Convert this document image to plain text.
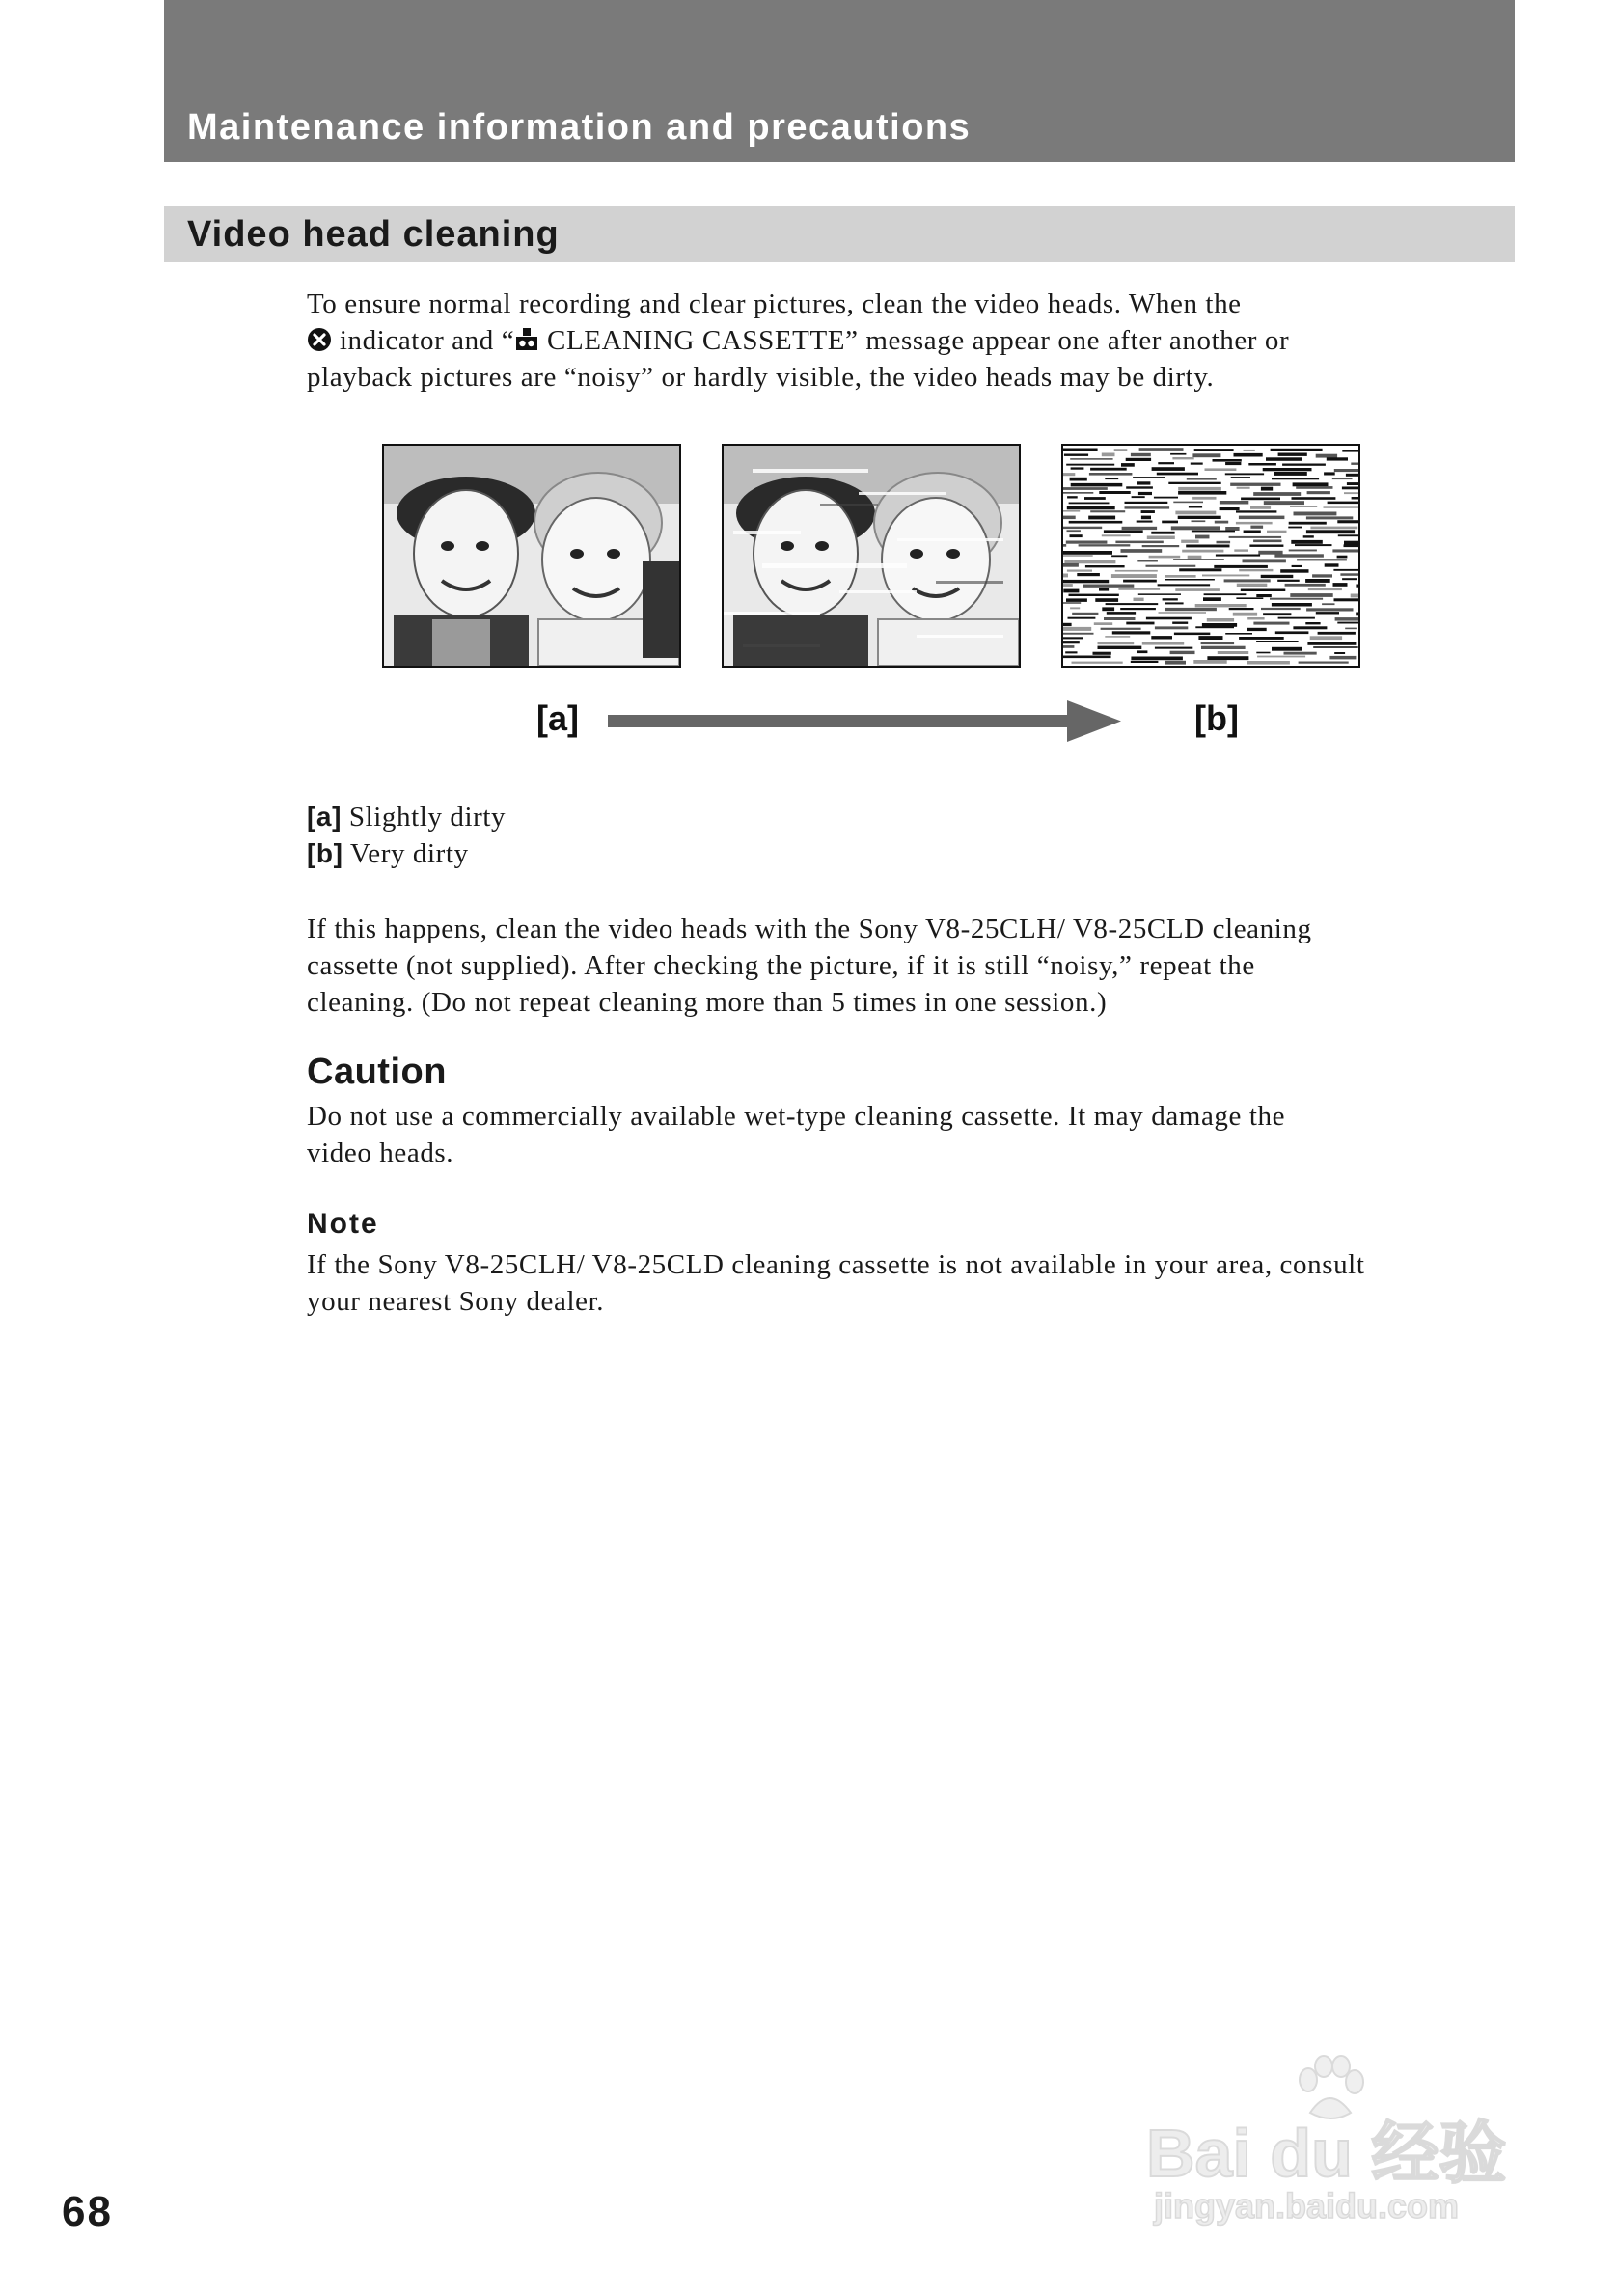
Maintenance information and precautions
Video head cleaning

To ensure normal recording and clear pictures, clean the video heads. When the

indicator and “ CLEANING CASSETTE” message appear one after another or

playback pictures are “noisy” or hardly visible, the video heads may be dirty.

[a]	[b]

[a] Slightly dirty

[b] Very dirty

If this happens, clean the video heads with the Sony V8-25CLH/ V8-25CLD cleaning

cassette (not supplied). After checking the picture, if it is still “noisy,” repeat the

cleaning. (Do not repeat cleaning more than 5 times in one session.)

Caution

Do not use a commercially available wet-type cleaning cassette. It may damage the

video heads.

Note

If the Sony V8-25CLH/ V8-25CLD cleaning cassette is not available in your area, consult

your nearest Sony dealer.

68
Bai du 经验
jingyan.baidu.com
